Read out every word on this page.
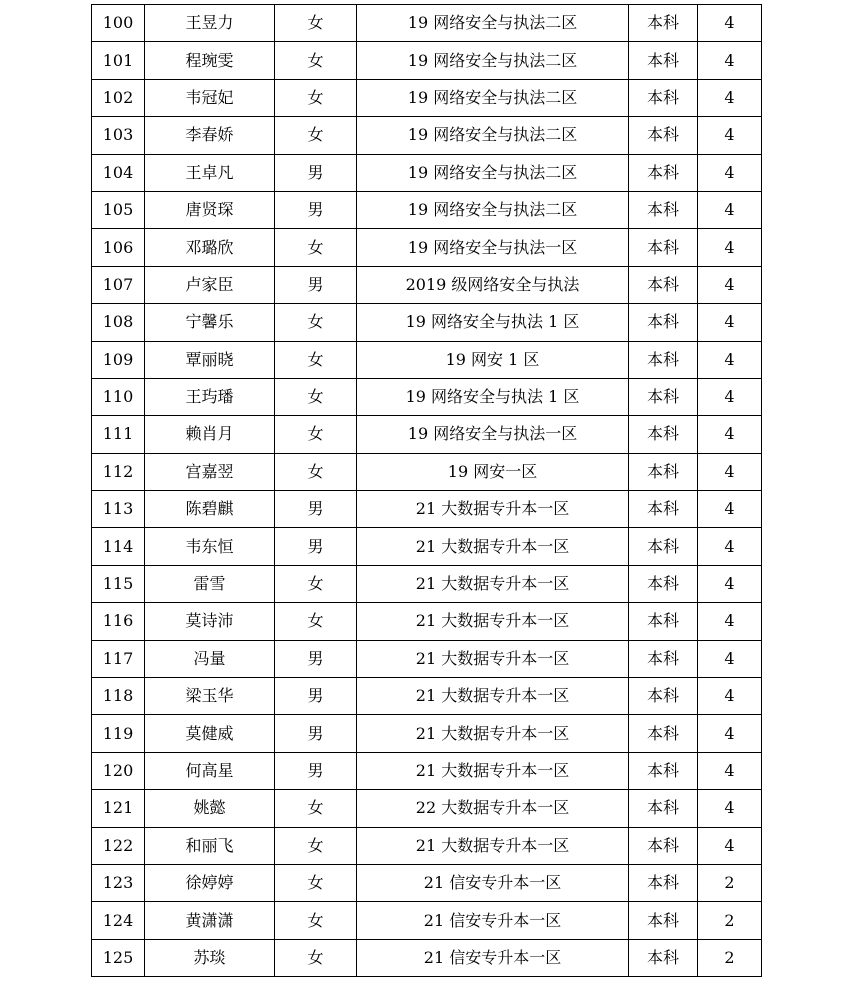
100	王昱力	女	19 网络安全与执法二区	本科	4
101	程琬雯	女	19 网络安全与执法二区	本科	4
102	韦冠妃	女	19 网络安全与执法二区	本科	4
103	李春娇	女	19 网络安全与执法二区	本科	4
104	王卓凡	男	19 网络安全与执法二区	本科	4
105	唐贤琛	男	19 网络安全与执法二区	本科	4
106	邓璐欣	女	19 网络安全与执法一区	本科	4
107	卢家臣	男	2019 级网络安全与执法	本科	4
108	宁馨乐	女	19 网络安全与执法 1 区	本科	4
109	覃丽晓	女	19 网安 1 区	本科	4
110	王玙璠	女	19 网络安全与执法 1 区	本科	4
111	赖肖月	女	19 网络安全与执法一区	本科	4
112	宫嘉翌	女	19 网安一区	本科	4
113	陈碧麒	男	21 大数据专升本一区	本科	4
114	韦东恒	男	21 大数据专升本一区	本科	4
115	雷雪	女	21 大数据专升本一区	本科	4
116	莫诗沛	女	21 大数据专升本一区	本科	4
117	冯量	男	21 大数据专升本一区	本科	4
118	梁玉华	男	21 大数据专升本一区	本科	4
119	莫健威	男	21 大数据专升本一区	本科	4
120	何高星	男	21 大数据专升本一区	本科	4
121	姚懿	女	22 大数据专升本一区	本科	4
122	和丽飞	女	21 大数据专升本一区	本科	4
123	徐婷婷	女	21 信安专升本一区	本科	2
124	黄潇潇	女	21 信安专升本一区	本科	2
125	苏琰	女	21 信安专升本一区	本科	2
